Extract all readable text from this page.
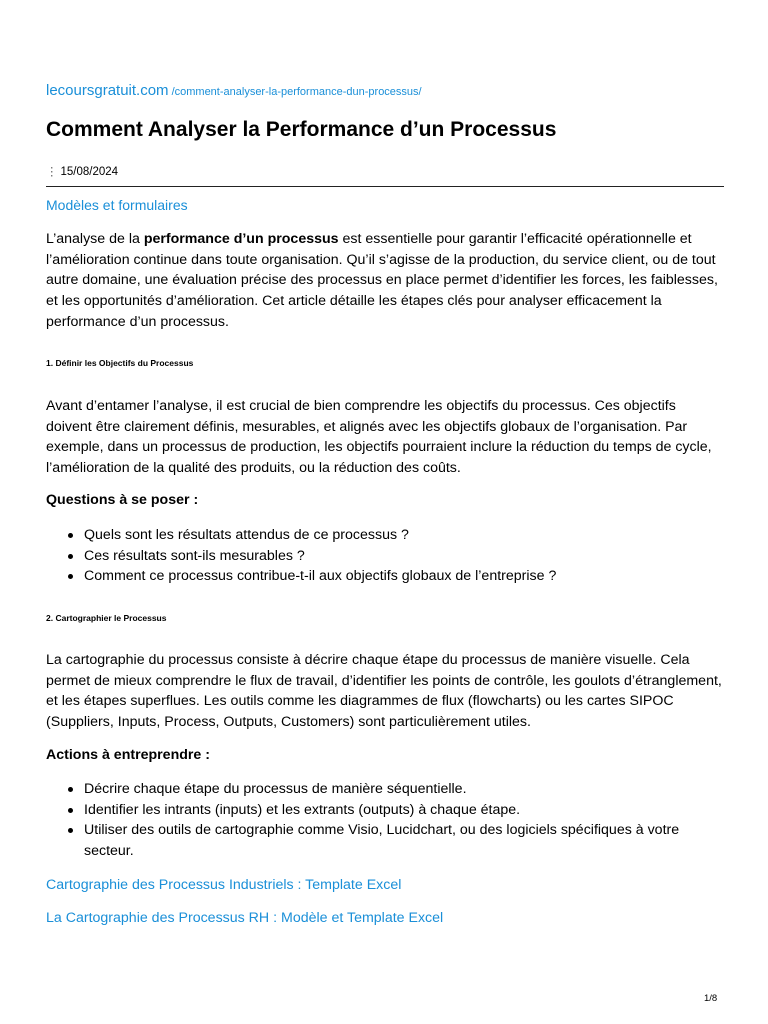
lecoursgratuit.com /comment-analyser-la-performance-dun-processus/
Comment Analyser la Performance d’un Processus
⋮ 15/08/2024
Modèles et formulaires

L’analyse de la performance d’un processus est essentielle pour garantir l’efficacité opérationnelle et l’amélioration continue dans toute organisation. Qu’il s’agisse de la production, du service client, ou de tout autre domaine, une évaluation précise des processus en place permet d’identifier les forces, les faiblesses, et les opportunités d’amélioration. Cet article détaille les étapes clés pour analyser efficacement la performance d’un processus.

1. Définir les Objectifs du Processus

Avant d’entamer l’analyse, il est crucial de bien comprendre les objectifs du processus. Ces objectifs doivent être clairement définis, mesurables, et alignés avec les objectifs globaux de l’organisation. Par exemple, dans un processus de production, les objectifs pourraient inclure la réduction du temps de cycle, l’amélioration de la qualité des produits, ou la réduction des coûts.

Questions à se poser :

Quels sont les résultats attendus de ce processus ?
Ces résultats sont-ils mesurables ?
Comment ce processus contribue-t-il aux objectifs globaux de l’entreprise ?
2. Cartographier le Processus

La cartographie du processus consiste à décrire chaque étape du processus de manière visuelle. Cela permet de mieux comprendre le flux de travail, d’identifier les points de contrôle, les goulots d’étranglement, et les étapes superflues. Les outils comme les diagrammes de flux (flowcharts) ou les cartes SIPOC (Suppliers, Inputs, Process, Outputs, Customers) sont particulièrement utiles.

Actions à entreprendre :

Décrire chaque étape du processus de manière séquentielle.
Identifier les intrants (inputs) et les extrants (outputs) à chaque étape.
Utiliser des outils de cartographie comme Visio, Lucidchart, ou des logiciels spécifiques à votre secteur.
Cartographie des Processus Industriels : Template Excel
La Cartographie des Processus RH : Modèle et Template Excel
1/8
